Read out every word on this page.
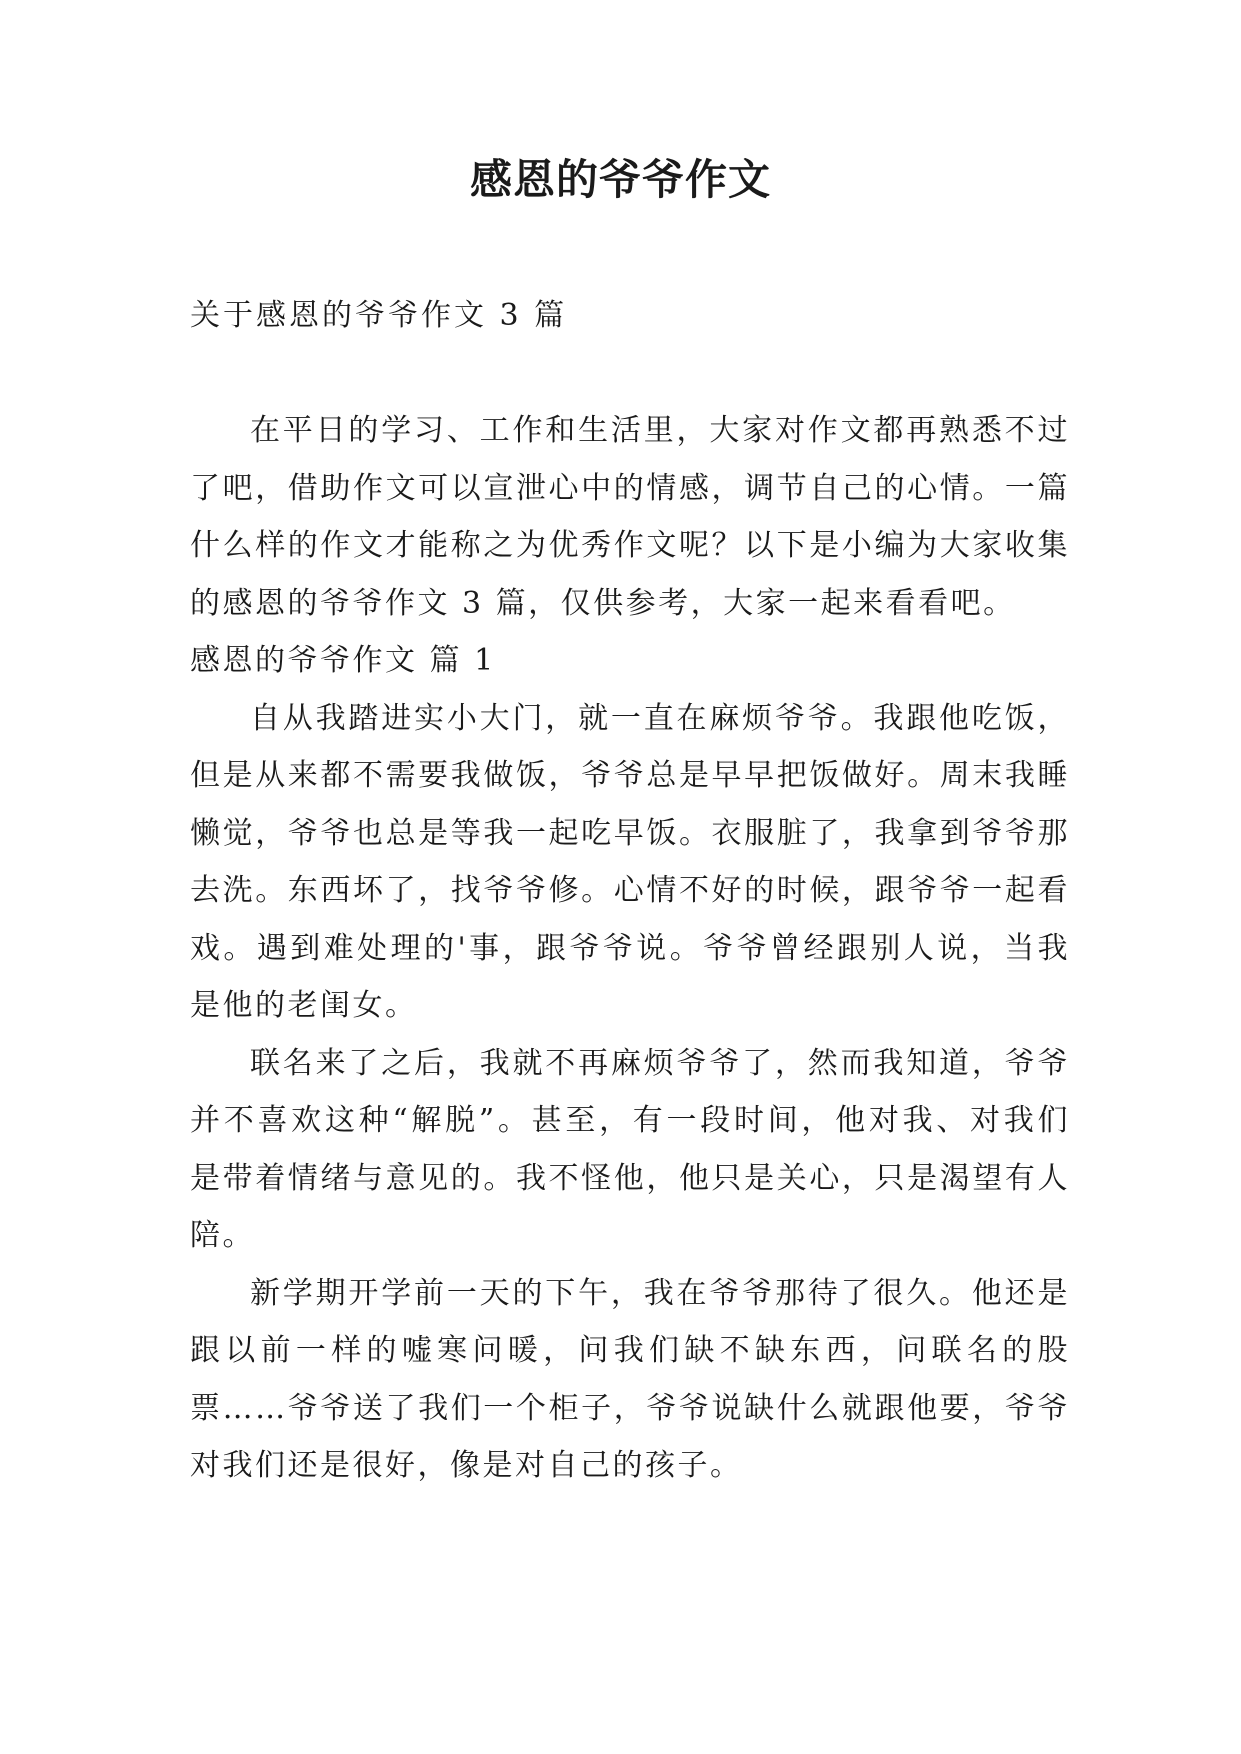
感恩的爷爷作文
关于感恩的爷爷作文 3 篇

在平日的学习、工作和生活里，大家对作文都再熟悉不过了吧，借助作文可以宣泄心中的情感，调节自己的心情。一篇什么样的作文才能称之为优秀作文呢？以下是小编为大家收集的感恩的爷爷作文 3 篇，仅供参考，大家一起来看看吧。

感恩的爷爷作文 篇 1

自从我踏进实小大门，就一直在麻烦爷爷。我跟他吃饭，但是从来都不需要我做饭，爷爷总是早早把饭做好。周末我睡懒觉，爷爷也总是等我一起吃早饭。衣服脏了，我拿到爷爷那去洗。东西坏了，找爷爷修。心情不好的时候，跟爷爷一起看戏。遇到难处理的'事，跟爷爷说。爷爷曾经跟别人说，当我是他的老闺女。

联名来了之后，我就不再麻烦爷爷了，然而我知道，爷爷并不喜欢这种“解脱”。甚至，有一段时间，他对我、对我们是带着情绪与意见的。我不怪他，他只是关心，只是渴望有人陪。

新学期开学前一天的下午，我在爷爷那待了很久。他还是跟以前一样的嘘寒问暖，问我们缺不缺东西，问联名的股票……爷爷送了我们一个柜子，爷爷说缺什么就跟他要，爷爷对我们还是很好，像是对自己的孩子。
